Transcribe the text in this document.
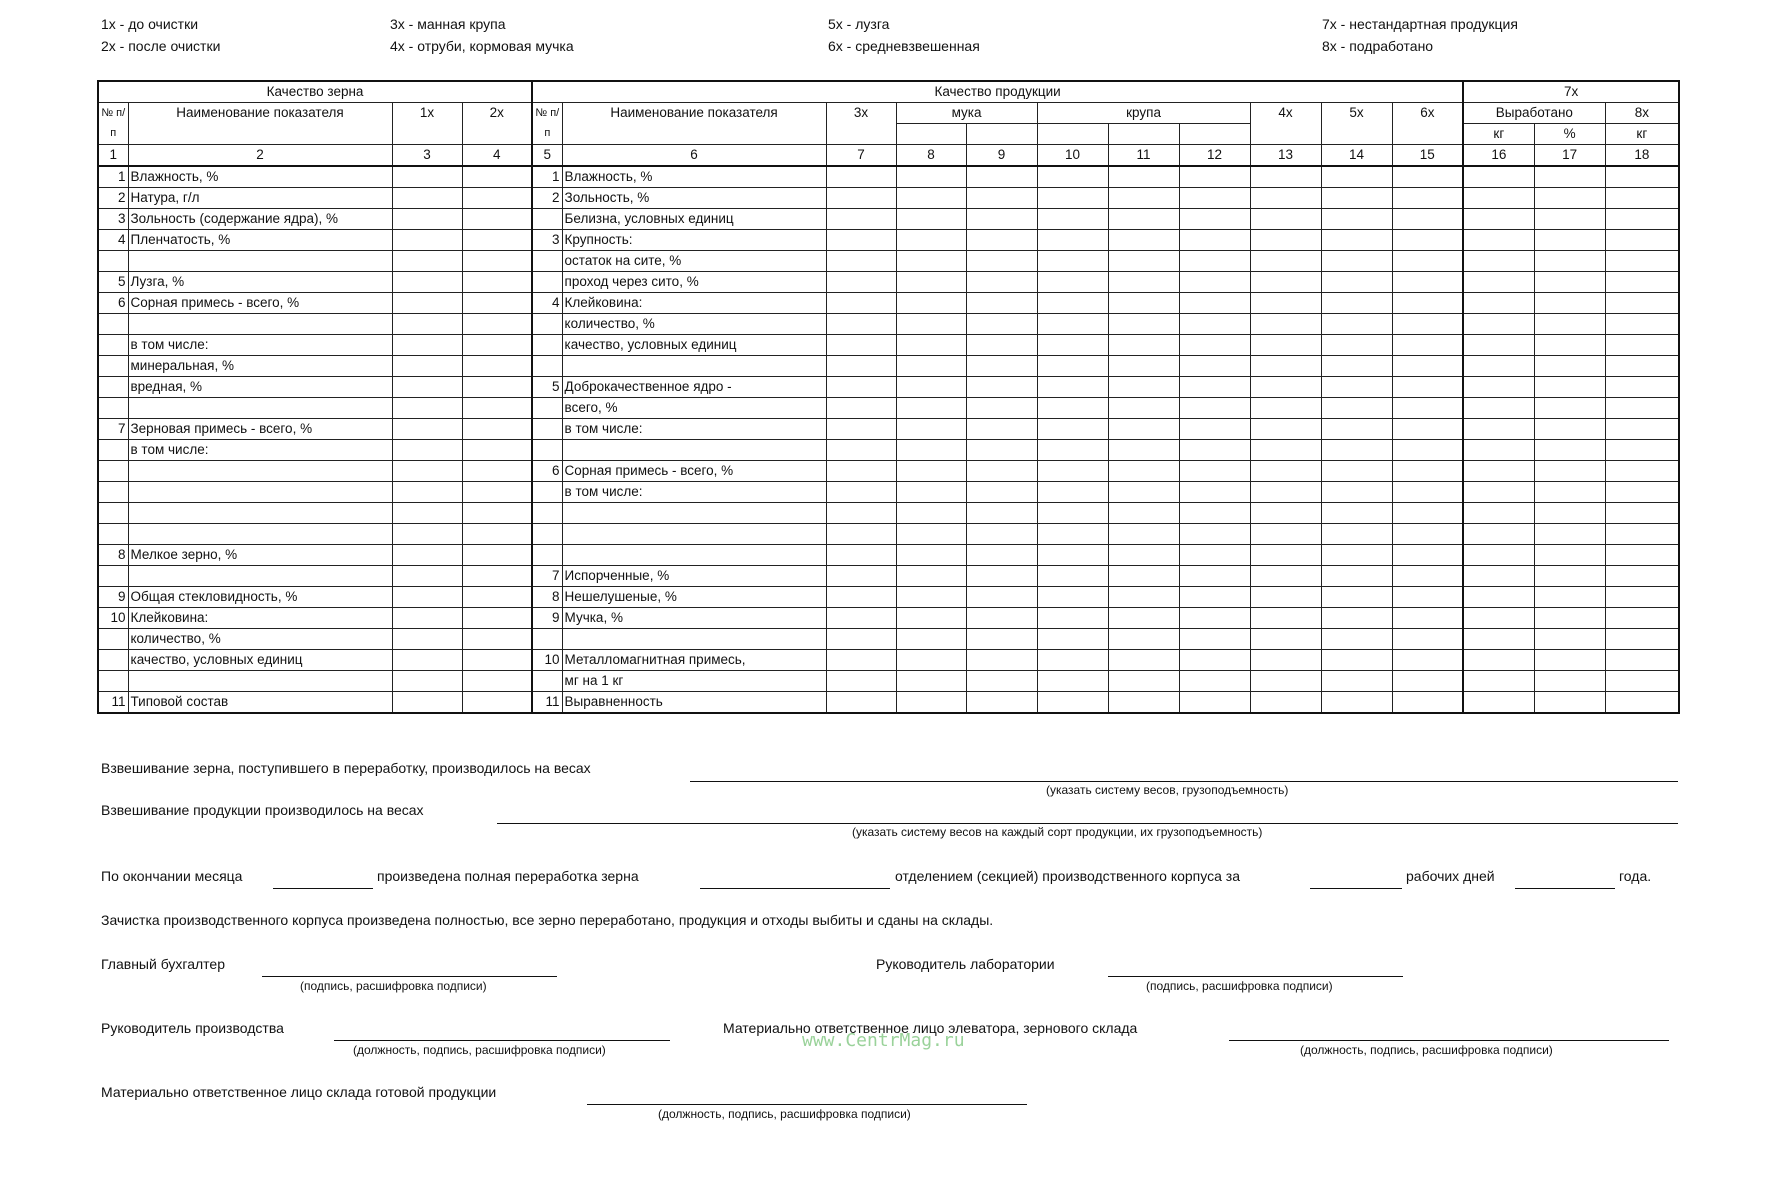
1х - до очистки
2х - после очистки
3х - манная крупа
4х - отруби, кормовая мучка
5х - лузга
6х - средневзвешенная
7х - нестандартная продукция
8х - подработано
Качество зерна				Качество продукции											7х		
№ п/п	Наименование показателя	1х	2х	№ п/п	Наименование показателя	3х	мука		крупа			4х	5х	6х	Выработано		8х
															кг	%	кг
1	2	3	4	5	6	7	8	9	10	11	12	13	14	15	16	17	18
1	Влажность, %			1	Влажность, %												
2	Натура, г/л			2	Зольность, %												
3	Зольность (содержание ядра), %				Белизна, условных единиц												
4	Пленчатость, %			3	Крупность:												
					остаток на сите, %												
5	Лузга, %				проход через сито, %												
6	Сорная примесь - всего, %			4	Клейковина:												
					количество, %												
	в том числе:				качество, условных единиц												
	минеральная, %																
	вредная, %			5	Доброкачественное ядро -												
					всего, %												
7	Зерновая примесь - всего, %				в том числе:												
	в том числе:																
				6	Сорная примесь - всего, %												
					в том числе:												

8	Мелкое зерно, %																
				7	Испорченные, %												
9	Общая стекловидность, %			8	Нешелушеные, %												
10	Клейковина:			9	Мучка, %												
	количество, %																
	качество, условных единиц			10	Металломагнитная примесь,												
					мг на 1 кг												
11	Типовой состав			11	Выравненность												
Взвешивание зерна, поступившего в переработку, производилось на весах
(указать систему весов, грузоподъемность)
Взвешивание продукции производилось на весах
(указать систему весов на каждый сорт продукции, их грузоподъемность)
По окончании месяца	произведена полная переработка зерна	отделением (секцией) производственного корпуса за	рабочих дней	года.
Зачистка производственного корпуса произведена полностью, все зерно переработано, продукция и отходы выбиты и сданы на склады.
Главный бухгалтер
(подпись, расшифровка подписи)
Руководитель лаборатории
(подпись, расшифровка подписи)
Руководитель производства
(должность, подпись, расшифровка подписи)
Материально ответственное лицо элеватора, зернового склада
(должность, подпись, расшифровка подписи)
www.CentrMag.ru
Материально ответственное лицо склада готовой продукции
(должность, подпись, расшифровка подписи)
